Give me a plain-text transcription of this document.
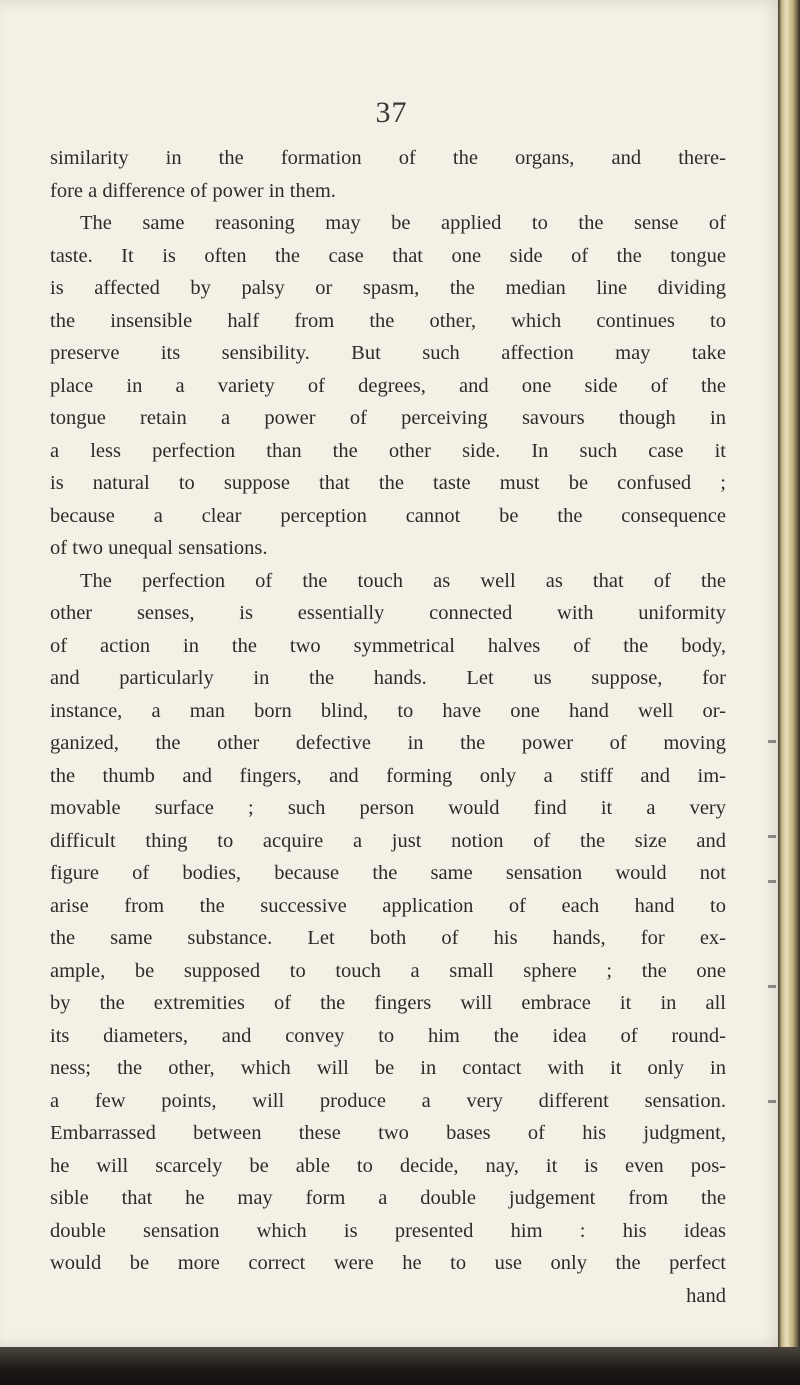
37
similarity in the formation of the organs, and there-
fore a difference of power in them.
The same reasoning may be applied to the sense of
taste. It is often the case that one side of the tongue
is affected by palsy or spasm, the median line dividing
the insensible half from the other, which continues to
preserve its sensibility. But such affection may take
place in a variety of degrees, and one side of the
tongue retain a power of perceiving savours though in
a less perfection than the other side. In such case it
is natural to suppose that the taste must be confused ;
because a clear perception cannot be the consequence
of two unequal sensations.
The perfection of the touch as well as that of the
other senses, is essentially connected with uniformity
of action in the two symmetrical halves of the body,
and particularly in the hands. Let us suppose, for
instance, a man born blind, to have one hand well or-
ganized, the other defective in the power of moving
the thumb and fingers, and forming only a stiff and im-
movable surface ; such person would find it a very
difficult thing to acquire a just notion of the size and
figure of bodies, because the same sensation would not
arise from the successive application of each hand to
the same substance. Let both of his hands, for ex-
ample, be supposed to touch a small sphere ; the one
by the extremities of the fingers will embrace it in all
its diameters, and convey to him the idea of round-
ness; the other, which will be in contact with it only in
a few points, will produce a very different sensation.
Embarrassed between these two bases of his judgment,
he will scarcely be able to decide, nay, it is even pos-
sible that he may form a double judgement from the
double sensation which is presented him : his ideas
would be more correct were he to use only the perfect
hand
